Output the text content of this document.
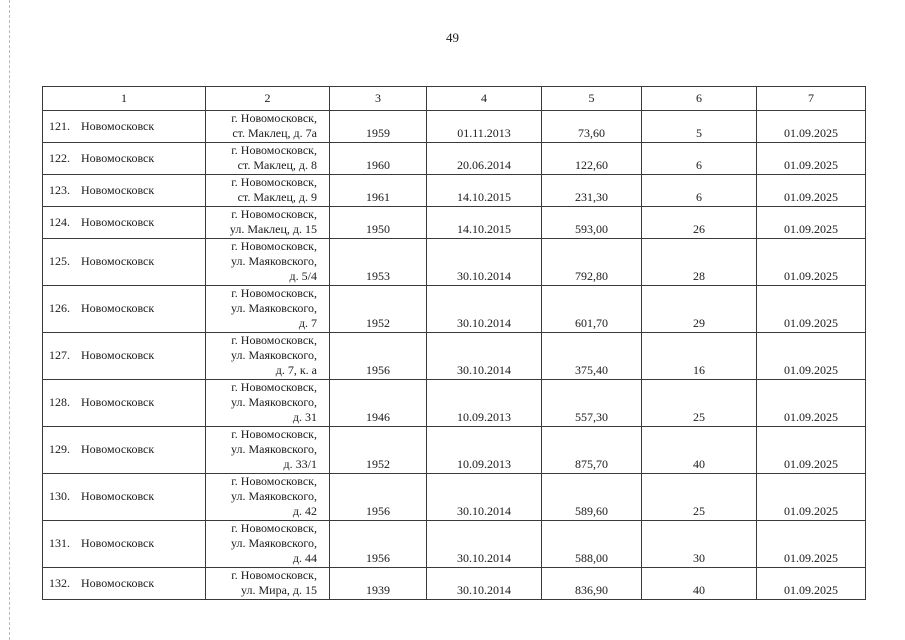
49
1	2	3	4	5	6	7
121. Новомосковск	г. Новомосковск,
ст. Маклец, д. 7а	1959	01.11.2013	73,60	5	01.09.2025
122. Новомосковск	г. Новомосковск,
ст. Маклец, д. 8	1960	20.06.2014	122,60	6	01.09.2025
123. Новомосковск	г. Новомосковск,
ст. Маклец, д. 9	1961	14.10.2015	231,30	6	01.09.2025
124. Новомосковск	г. Новомосковск,
ул. Маклец, д. 15	1950	14.10.2015	593,00	26	01.09.2025
125. Новомосковск	г. Новомосковск,
ул. Маяковского,
д. 5/4	1953	30.10.2014	792,80	28	01.09.2025
126. Новомосковск	г. Новомосковск,
ул. Маяковского,
д. 7	1952	30.10.2014	601,70	29	01.09.2025
127. Новомосковск	г. Новомосковск,
ул. Маяковского,
д. 7, к. а	1956	30.10.2014	375,40	16	01.09.2025
128. Новомосковск	г. Новомосковск,
ул. Маяковского,
д. 31	1946	10.09.2013	557,30	25	01.09.2025
129. Новомосковск	г. Новомосковск,
ул. Маяковского,
д. 33/1	1952	10.09.2013	875,70	40	01.09.2025
130. Новомосковск	г. Новомосковск,
ул. Маяковского,
д. 42	1956	30.10.2014	589,60	25	01.09.2025
131. Новомосковск	г. Новомосковск,
ул. Маяковского,
д. 44	1956	30.10.2014	588,00	30	01.09.2025
132. Новомосковск	г. Новомосковск,
ул. Мира, д. 15	1939	30.10.2014	836,90	40	01.09.2025
